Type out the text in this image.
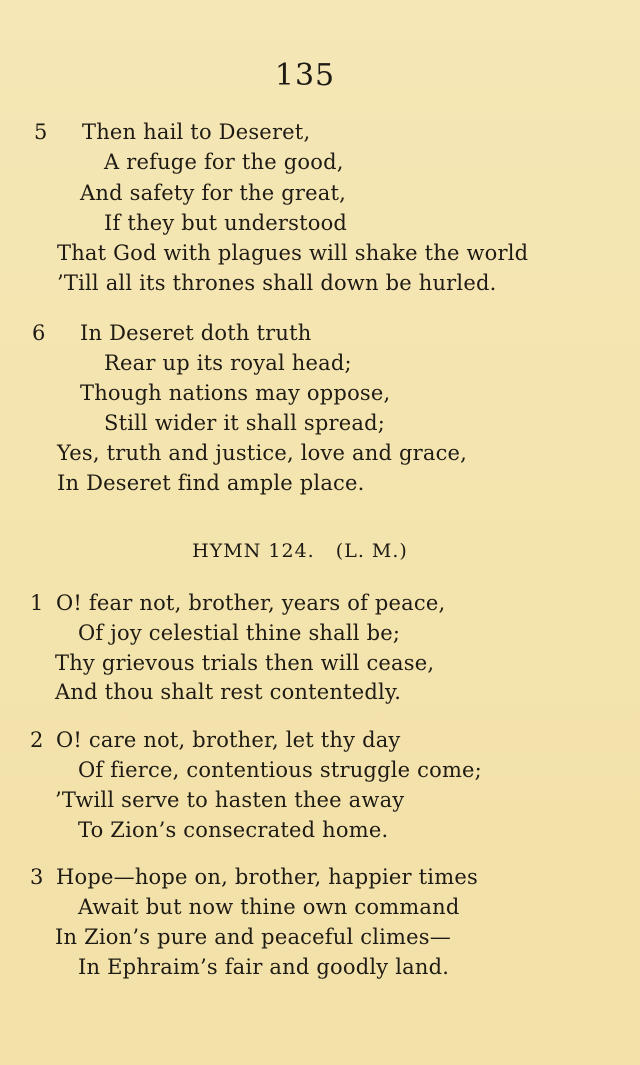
135
5 Then hail to Deseret,
A refuge for the good,
And safety for the great,
If they but understood
That God with plagues will shake the world
’Till all its thrones shall down be hurled.
6 In Deseret doth truth
Rear up its royal head;
Though nations may oppose,
Still wider it shall spread;
Yes, truth and justice, love and grace,
In Deseret find ample place.
HYMN 124.   (L. M.)
1 O! fear not, brother, years of peace,
Of joy celestial thine shall be;
Thy grievous trials then will cease,
And thou shalt rest contentedly.
2 O! care not, brother, let thy day
Of fierce, contentious struggle come;
’Twill serve to hasten thee away
To Zion’s consecrated home.
3 Hope—hope on, brother, happier times
Await but now thine own command
In Zion’s pure and peaceful climes—
In Ephraim’s fair and goodly land.
